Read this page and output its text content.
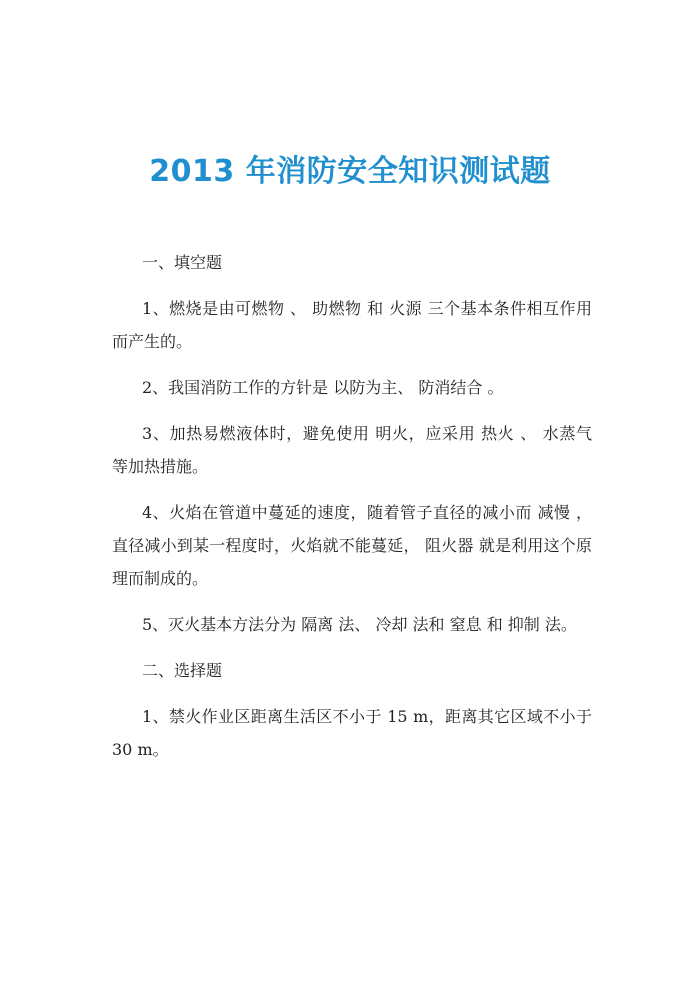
2013 年消防安全知识测试题

一、填空题

1、燃烧是由可燃物 、 助燃物 和 火源 三个基本条件相互作用而产生的。

2、我国消防工作的方针是 以防为主、 防消结合 。

3、加热易燃液体时，避免使用 明火，应采用 热火 、 水蒸气 等加热措施。

4、火焰在管道中蔓延的速度，随着管子直径的减小而 减慢 ，直径减小到某一程度时，火焰就不能蔓延， 阻火器 就是利用这个原理而制成的。

5、灭火基本方法分为 隔离 法、 冷却 法和 窒息 和 抑制 法。

二、选择题

1、禁火作业区距离生活区不小于 15 m，距离其它区域不小于 30 m。
